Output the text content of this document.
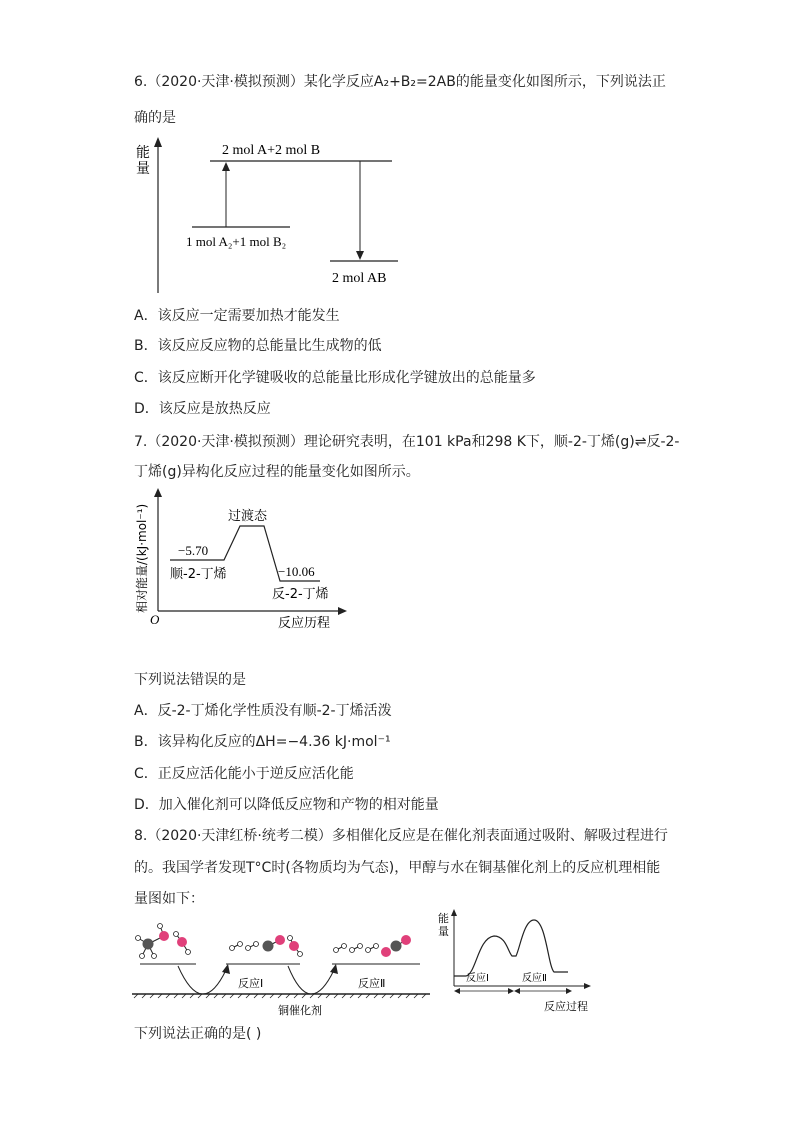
6.（2020·天津·模拟预测）某化学反应A₂+B₂=2AB的能量变化如图所示，下列说法正
确的是
能
量
2 mol A+2 mol B
1 mol A₂+1 mol B₂
2 mol AB
A．该反应一定需要加热才能发生
B．该反应反应物的总能量比生成物的低
C．该反应断开化学键吸收的总能量比形成化学键放出的总能量多
D．该反应是放热反应
7.（2020·天津·模拟预测）理论研究表明，在101 kPa和298 K下，顺-2-丁烯(g)⇌反-2-
丁烯(g)异构化反应过程的能量变化如图所示。
O
相对能量/(kJ·mol⁻¹)
反应历程
过渡态
−5.70
顺-2-丁烯	−10.06
反-2-丁烯
下列说法错误的是
A．反-2-丁烯化学性质没有顺-2-丁烯活泼
B．该异构化反应的ΔH=−4.36 kJ·mol⁻¹
C．正反应活化能小于逆反应活化能
D．加入催化剂可以降低反应物和产物的相对能量
8.（2020·天津红桥·统考二模）多相催化反应是在催化剂表面通过吸附、解吸过程进行
的。我国学者发现T°C时(各物质均为气态)，甲醇与水在铜基催化剂上的反应机理相能
量图如下：
反应Ⅰ	反应Ⅱ
铜催化剂
能
量
反应Ⅰ	反应Ⅱ
反应过程
下列说法正确的是( )
